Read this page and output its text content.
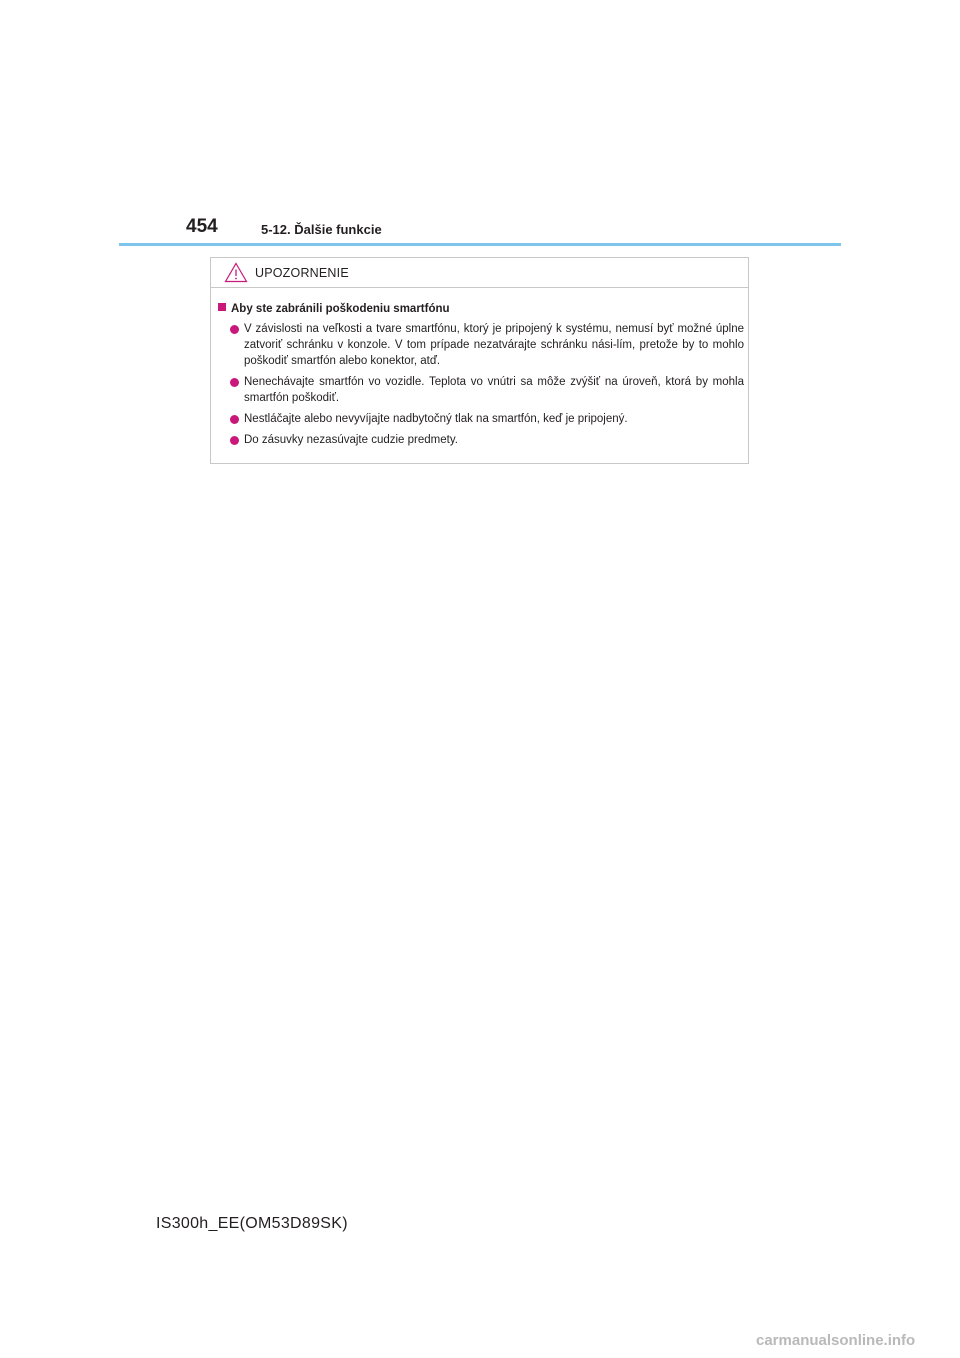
454	5-12. Ďalšie funkcie
UPOZORNENIE
Aby ste zabránili poškodeniu smartfónu
V závislosti na veľkosti a tvare smartfónu, ktorý je pripojený k systému, nemusí byť možné úplne zatvoriť schránku v konzole. V tom prípade nezatvárajte schránku nási-lím, pretože by to mohlo poškodiť smartfón alebo konektor, atď.
Nenechávajte smartfón vo vozidle. Teplota vo vnútri sa môže zvýšiť na úroveň, ktorá by mohla smartfón poškodiť.
Nestláčajte alebo nevyvíjajte nadbytočný tlak na smartfón, keď je pripojený.
Do zásuvky nezasúvajte cudzie predmety.
IS300h_EE(OM53D89SK)
carmanualsonline.info
